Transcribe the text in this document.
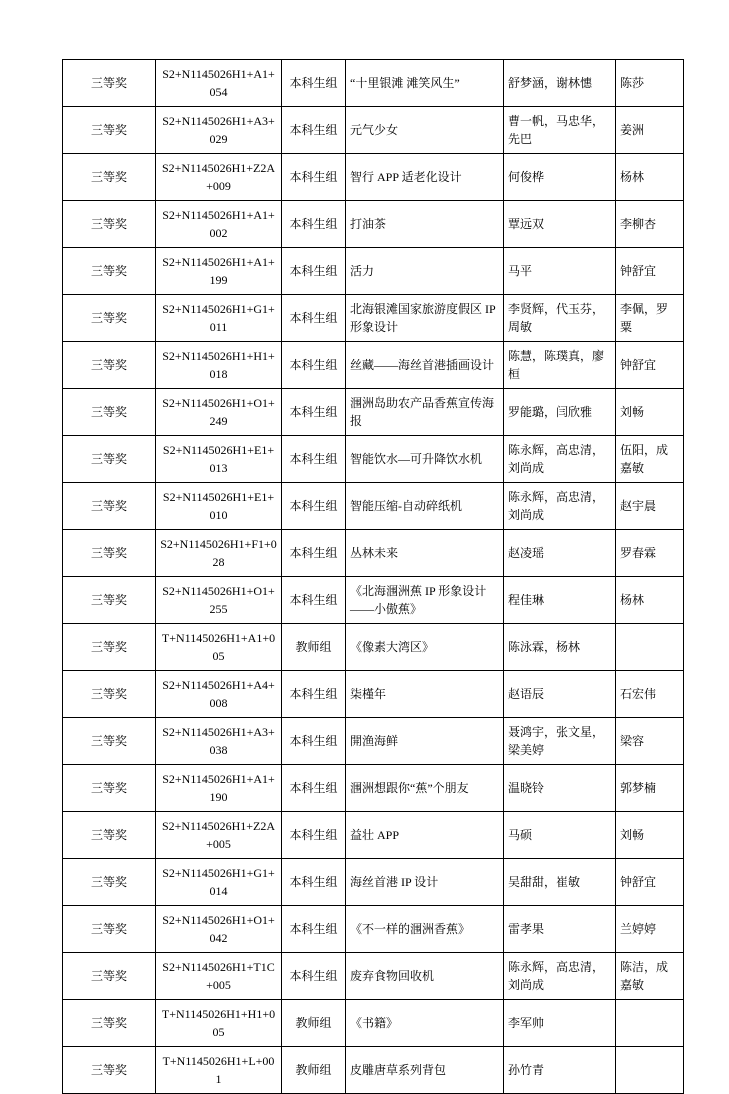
三等奖	S2+N1145026H1+A1+054	本科生组	“十里银滩 滩笑风生”	舒梦涵，谢林憓	陈莎
三等奖	S2+N1145026H1+A3+029	本科生组	元气少女	曹一帆，马忠华，先巴	姜洲
三等奖	S2+N1145026H1+Z2A+009	本科生组	智行 APP 适老化设计	何俊桦	杨林
三等奖	S2+N1145026H1+A1+002	本科生组	打油茶	覃远双	李柳杏
三等奖	S2+N1145026H1+A1+199	本科生组	活力	马平	钟舒宜
三等奖	S2+N1145026H1+G1+011	本科生组	北海银滩国家旅游度假区 IP 形象设计	李贤辉，代玉芬，周敏	李佩，罗粟
三等奖	S2+N1145026H1+H1+018	本科生组	丝藏——海丝首港插画设计	陈慧，陈璞真，廖桓	钟舒宜
三等奖	S2+N1145026H1+O1+249	本科生组	涠洲岛助农产品香蕉宣传海报	罗能璐，闫欣雅	刘畅
三等奖	S2+N1145026H1+E1+013	本科生组	智能饮水—可升降饮水机	陈永辉，高忠清，刘尚成	伍阳，成嘉敏
三等奖	S2+N1145026H1+E1+010	本科生组	智能压缩-自动碎纸机	陈永辉，高忠清，刘尚成	赵宇晨
三等奖	S2+N1145026H1+F1+028	本科生组	丛林未来	赵凌瑶	罗春霖
三等奖	S2+N1145026H1+O1+255	本科生组	《北海涠洲蕉 IP 形象设计——小傲蕉》	程佳琳	杨林
三等奖	T+N1145026H1+A1+005	教师组	《像素大湾区》	陈泳霖，杨林	
三等奖	S2+N1145026H1+A4+008	本科生组	柒槿年	赵语辰	石宏伟
三等奖	S2+N1145026H1+A3+038	本科生组	開渔海鲜	聂鸿宇，张文星，梁美婷	梁容
三等奖	S2+N1145026H1+A1+190	本科生组	涠洲想跟你“蕉”个朋友	温晓铃	郭梦楠
三等奖	S2+N1145026H1+Z2A+005	本科生组	益壮 APP	马硕	刘畅
三等奖	S2+N1145026H1+G1+014	本科生组	海丝首港 IP 设计	吴甜甜，崔敏	钟舒宜
三等奖	S2+N1145026H1+O1+042	本科生组	《不一样的涠洲香蕉》	雷孝果	兰婷婷
三等奖	S2+N1145026H1+T1C+005	本科生组	废弃食物回收机	陈永辉，高忠清，刘尚成	陈洁，成嘉敏
三等奖	T+N1145026H1+H1+005	教师组	《书籍》	李军帅	
三等奖	T+N1145026H1+L+001	教师组	皮雕唐草系列背包	孙竹青	
